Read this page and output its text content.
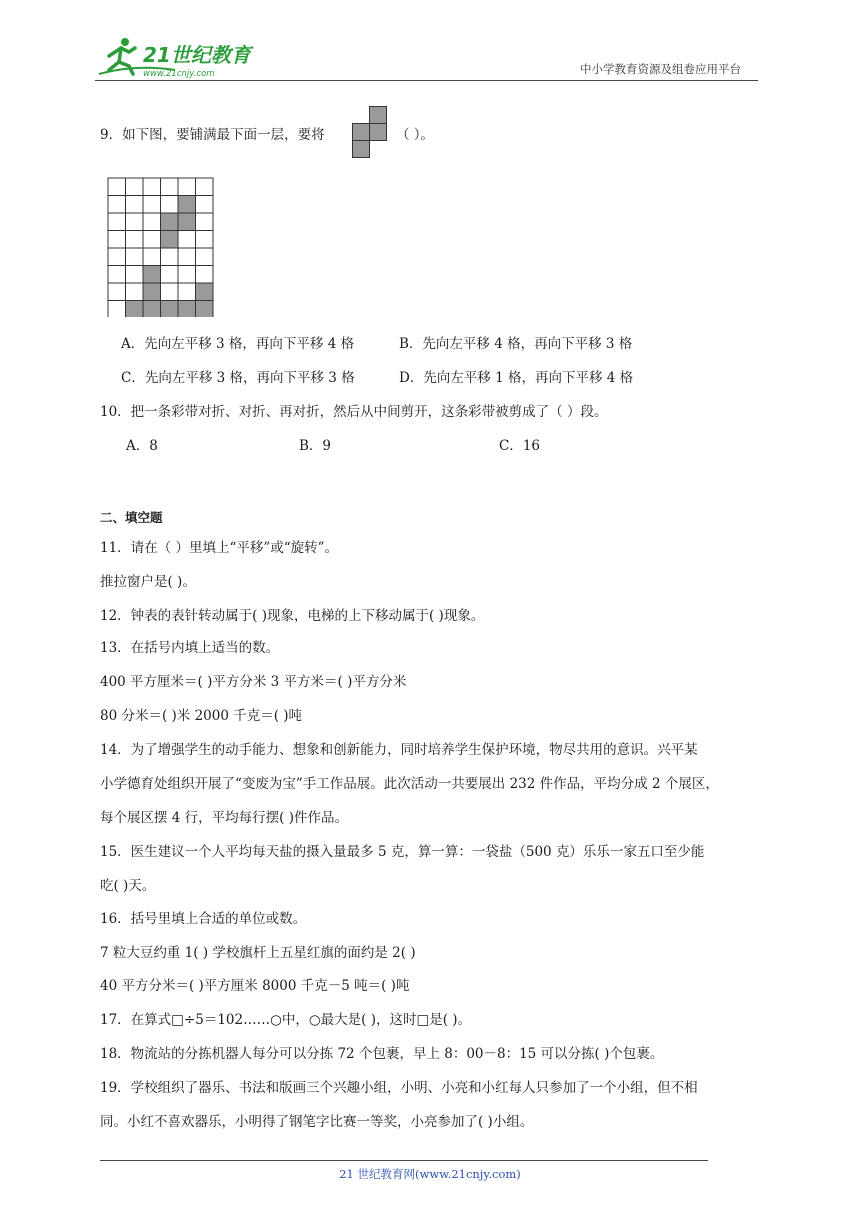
21世纪教育
www.21cnjy.com	中小学教育资源及组卷应用平台
9．如下图，要铺满最下面一层，要将	（ ）。
A．先向左平移 3 格，再向下平移 4 格	B．先向左平移 4 格，再向下平移 3 格
C．先向左平移 3 格，再向下平移 3 格	D．先向左平移 1 格，再向下平移 4 格
10．把一条彩带对折、对折、再对折，然后从中间剪开，这条彩带被剪成了（ ）段。
A．8	B．9	C．16
二、填空题
11．请在（ ）里填上“平移”或“旋转”。
推拉窗户是( )。
12．钟表的表针转动属于( )现象，电梯的上下移动属于( )现象。
13．在括号内填上适当的数。
400 平方厘米＝( )平方分米 3 平方米＝( )平方分米
80 分米＝( )米 2000 千克＝( )吨
14．为了增强学生的动手能力、想象和创新能力，同时培养学生保护环境，物尽共用的意识。兴平某
小学德育处组织开展了“变废为宝”手工作品展。此次活动一共要展出 232 件作品，平均分成 2 个展区，
每个展区摆 4 行，平均每行摆( )件作品。
15．医生建议一个人平均每天盐的摄入量最多 5 克，算一算：一袋盐（500 克）乐乐一家五口至少能
吃( )天。
16．括号里填上合适的单位或数。
7 粒大豆约重 1( ) 学校旗杆上五星红旗的面约是 2( )
40 平方分米＝( )平方厘米 8000 千克－5 吨＝( )吨
17．在算式□÷5＝102……○中，○最大是( )，这时□是( )。
18．物流站的分拣机器人每分可以分拣 72 个包裹，早上 8：00－8：15 可以分拣( )个包裹。
19．学校组织了器乐、书法和版画三个兴趣小组，小明、小亮和小红每人只参加了一个小组，但不相
同。小红不喜欢器乐，小明得了钢笔字比赛一等奖，小亮参加了( )小组。
21 世纪教育网(www.21cnjy.com)
